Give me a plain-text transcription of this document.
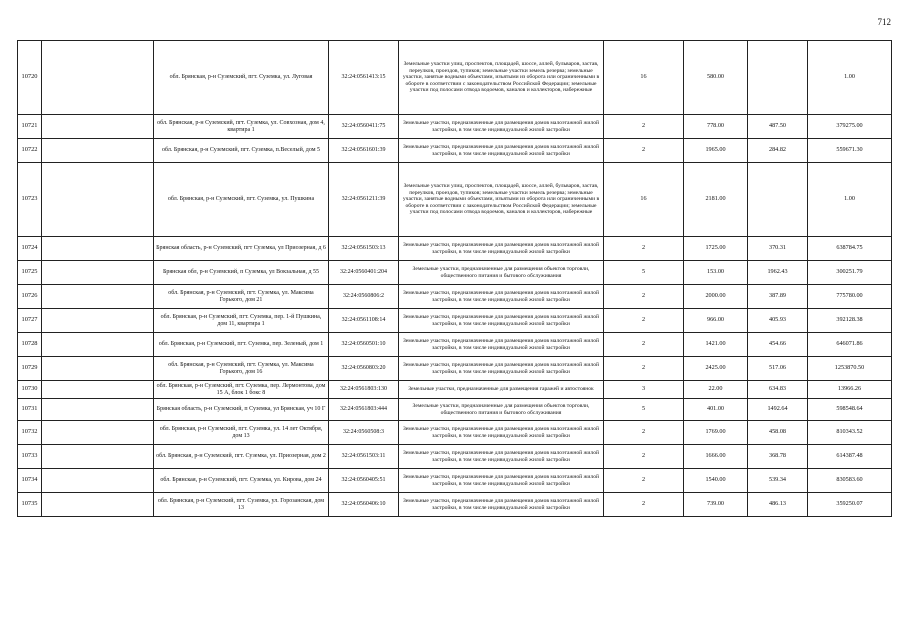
712
10720		обл. Брянская, р-н Суземский, пгт. Суземка, ул. Луговая	32:24:0561413:15	Земельные участки улиц, проспектов, площадей, шоссе, аллей, бульваров, застав, переулков, проездов, тупиков; земельные участки земель резерва; земельные участки, занятые водными объектами, изъятыми из оборота или ограниченными в обороте в соответствии с законодательством Российской Федерации; земельные участки под полосами отвода водоемов, каналов и коллекторов, набережные	16	580.00		1.00
10721		обл. Брянская, р-н Суземский, пгт. Суземка, ул. Совхозная, дом 4, квартира 1	32:24:0560411:75	Земельные участки, предназначенные для размещения домов малоэтажной жилой застройки, в том числе индивидуальной жилой застройки	2	778.00	487.50	379275.00
10722		обл. Брянская, р-н Суземский, пгт. Суземка, п.Веселый, дом 5	32:24:0561601:39	Земельные участки, предназначенные для размещения домов малоэтажной жилой застройки, в том числе индивидуальной жилой застройки	2	1965.00	284.82	559671.30
10723		обл. Брянская, р-н Суземский, пгт. Суземка, ул. Пушкина	32:24:0561211:39	Земельные участки улиц, проспектов, площадей, шоссе, аллей, бульваров, застав, переулков, проездов, тупиков; земельные участки земель резерва; земельные участки, занятые водными объектами, изъятыми из оборота или ограниченными в обороте в соответствии с законодательством Российской Федерации; земельные участки под полосами отвода водоемов, каналов и коллекторов, набережные	16	2181.00		1.00
10724		Брянская область, р-н Суземский, пгт Суземка, ул Приозерная, д 6	32:24:0561503:13	Земельные участки, предназначенные для размещения домов малоэтажной жилой застройки, в том числе индивидуальной жилой застройки	2	1725.00	370.31	638784.75
10725		Брянская обл, р-н Суземский, п Суземка, ул Вокзальная, д 55	32:24:0560401:204	Земельные участки, предназначенные для размещения объектов торговли, общественного питания и бытового обслуживания	5	153.00	1962.43	300251.79
10726		обл. Брянская, р-н Суземский, пгт. Суземка, ул. Максима Горького, дом 21	32:24:0560806:2	Земельные участки, предназначенные для размещения домов малоэтажной жилой застройки, в том числе индивидуальной жилой застройки	2	2000.00	387.89	775780.00
10727		обл. Брянская, р-н Суземский, пгт. Суземка, пер. 1-й Пушкина, дом 11, квартира 1	32:24:0561108:14	Земельные участки, предназначенные для размещения домов малоэтажной жилой застройки, в том числе индивидуальной жилой застройки	2	966.00	405.93	392128.38
10728		обл. Брянская, р-н Суземский, пгт. Суземка, пер. Зеленый, дом 1	32:24:0560501:10	Земельные участки, предназначенные для размещения домов малоэтажной жилой застройки, в том числе индивидуальной жилой застройки	2	1421.00	454.66	646071.86
10729		обл. Брянская, р-н Суземский, пгт. Суземка, ул. Максима Горького, дом 16	32:24:0560803:20	Земельные участки, предназначенные для размещения домов малоэтажной жилой застройки, в том числе индивидуальной жилой застройки	2	2425.00	517.06	1253870.50
10730		обл. Брянская, р-н Суземский, пгт. Суземка, пер. Лермонтова, дом 15 А, блок 1 бокс 8	32:24:0561803:130	Земельные участки, предназначенные для размещения гаражей и автостоянок	3	22.00	634.83	13966.26
10731		Брянская область, р-н Суземский, п Суземка, ул Брянская, уч 10 Г	32:24:0561803:444	Земельные участки, предназначенные для размещения объектов торговли, общественного питания и бытового обслуживания	5	401.00	1492.64	598548.64
10732		обл. Брянская, р-н Суземский, пгт. Суземка, ул. 14 лет Октября, дом 13	32:24:0560508:3	Земельные участки, предназначенные для размещения домов малоэтажной жилой застройки, в том числе индивидуальной жилой застройки	2	1769.00	458.08	810343.52
10733		обл. Брянская, р-н Суземский, пгт. Суземка, ул. Приозерная, дом 2	32:24:0561503:11	Земельные участки, предназначенные для размещения домов малоэтажной жилой застройки, в том числе индивидуальной жилой застройки	2	1666.00	368.78	614387.48
10734		обл. Брянская, р-н Суземский, пгт. Суземка, ул. Кирова, дом 24	32:24:0560405:51	Земельные участки, предназначенные для размещения домов малоэтажной жилой застройки, в том числе индивидуальной жилой застройки	2	1540.00	539.34	830583.60
10735		обл. Брянская, р-н Суземский, пгт. Суземка, ул. Горозанская, дом 13	32:24:0560406:10	Земельные участки, предназначенные для размещения домов малоэтажной жилой застройки, в том числе индивидуальной жилой застройки	2	739.00	486.13	359250.07
